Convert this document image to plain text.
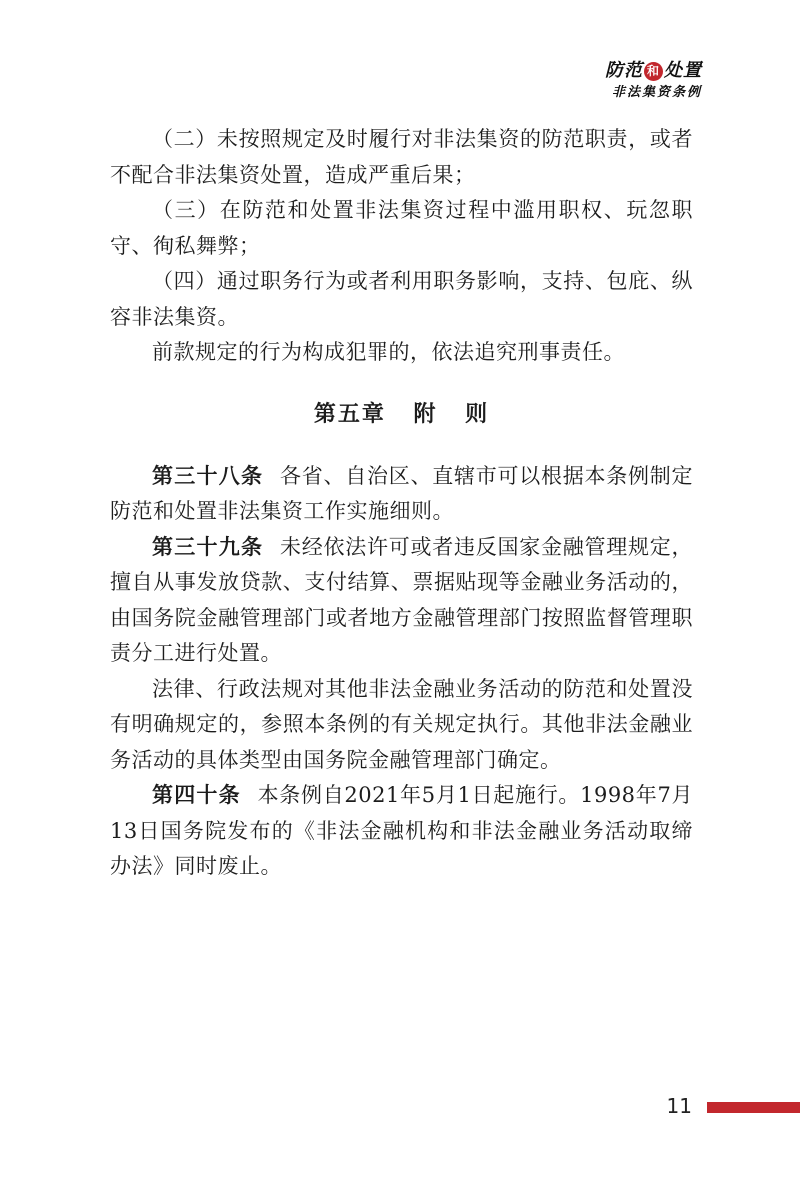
防范 和 处置
非法集资条例

（二）未按照规定及时履行对非法集资的防范职责，或者不配合非法集资处置，造成严重后果；

（三）在防范和处置非法集资过程中滥用职权、玩忽职守、徇私舞弊；

（四）通过职务行为或者利用职务影响，支持、包庇、纵容非法集资。

前款规定的行为构成犯罪的，依法追究刑事责任。

第五章 附 则

第三十八条 各省、自治区、直辖市可以根据本条例制定防范和处置非法集资工作实施细则。

第三十九条 未经依法许可或者违反国家金融管理规定，擅自从事发放贷款、支付结算、票据贴现等金融业务活动的，由国务院金融管理部门或者地方金融管理部门按照监督管理职责分工进行处置。

法律、行政法规对其他非法金融业务活动的防范和处置没有明确规定的，参照本条例的有关规定执行。其他非法金融业务活动的具体类型由国务院金融管理部门确定。

第四十条 本条例自2021年5月1日起施行。1998年7月13日国务院发布的《非法金融机构和非法金融业务活动取缔办法》同时废止。

11
